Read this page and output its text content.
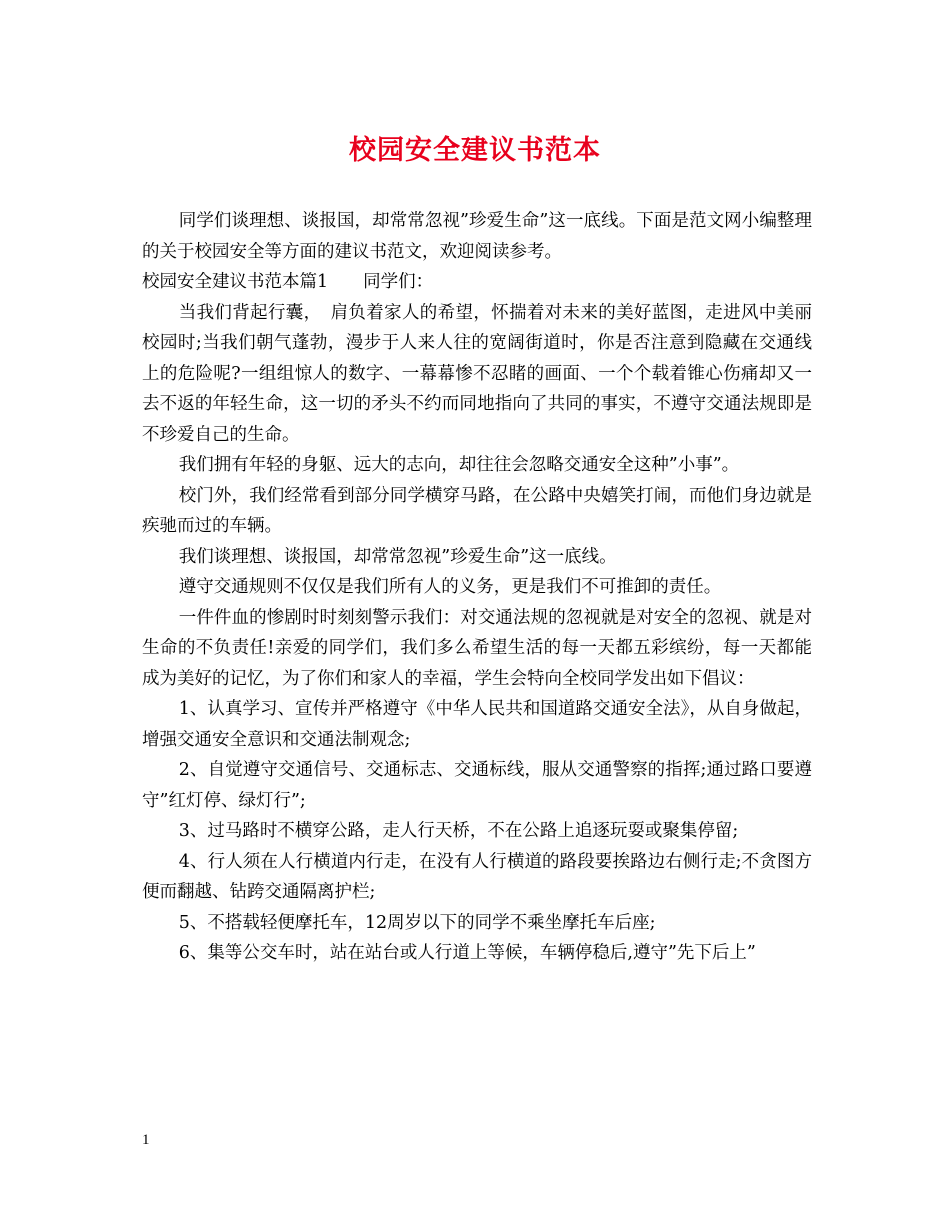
校园安全建议书范本

同学们谈理想、谈报国，却常常忽视”珍爱生命”这一底线。下面是范文网小编整理的关于校园安全等方面的建议书范文，欢迎阅读参考。

校园安全建议书范本篇1　　同学们：

当我们背起行囊，　肩负着家人的希望，怀揣着对未来的美好蓝图，走进风中美丽校园时;当我们朝气蓬勃，漫步于人来人往的宽阔街道时，你是否注意到隐藏在交通线上的危险呢?一组组惊人的数字、一幕幕惨不忍睹的画面、一个个载着锥心伤痛却又一去不返的年轻生命，这一切的矛头不约而同地指向了共同的事实，不遵守交通法规即是不珍爱自己的生命。

我们拥有年轻的身躯、远大的志向，却往往会忽略交通安全这种”小事”。

校门外，我们经常看到部分同学横穿马路，在公路中央嬉笑打闹，而他们身边就是疾驰而过的车辆。

我们谈理想、谈报国，却常常忽视”珍爱生命”这一底线。

遵守交通规则不仅仅是我们所有人的义务，更是我们不可推卸的责任。

一件件血的惨剧时时刻刻警示我们：对交通法规的忽视就是对安全的忽视、就是对生命的不负责任!亲爱的同学们，我们多么希望生活的每一天都五彩缤纷，每一天都能成为美好的记忆，为了你们和家人的幸福，学生会特向全校同学发出如下倡议：

1、认真学习、宣传并严格遵守《中华人民共和国道路交通安全法》，从自身做起，增强交通安全意识和交通法制观念;

2、自觉遵守交通信号、交通标志、交通标线，服从交通警察的指挥;通过路口要遵守”红灯停、绿灯行”;

3、过马路时不横穿公路，走人行天桥，不在公路上追逐玩耍或聚集停留;

4、行人须在人行横道内行走，在没有人行横道的路段要挨路边右侧行走;不贪图方便而翻越、钻跨交通隔离护栏;

5、不搭载轻便摩托车，12周岁以下的同学不乘坐摩托车后座;

6、集等公交车时，站在站台或人行道上等候，车辆停稳后,遵守”先下后上”

1
